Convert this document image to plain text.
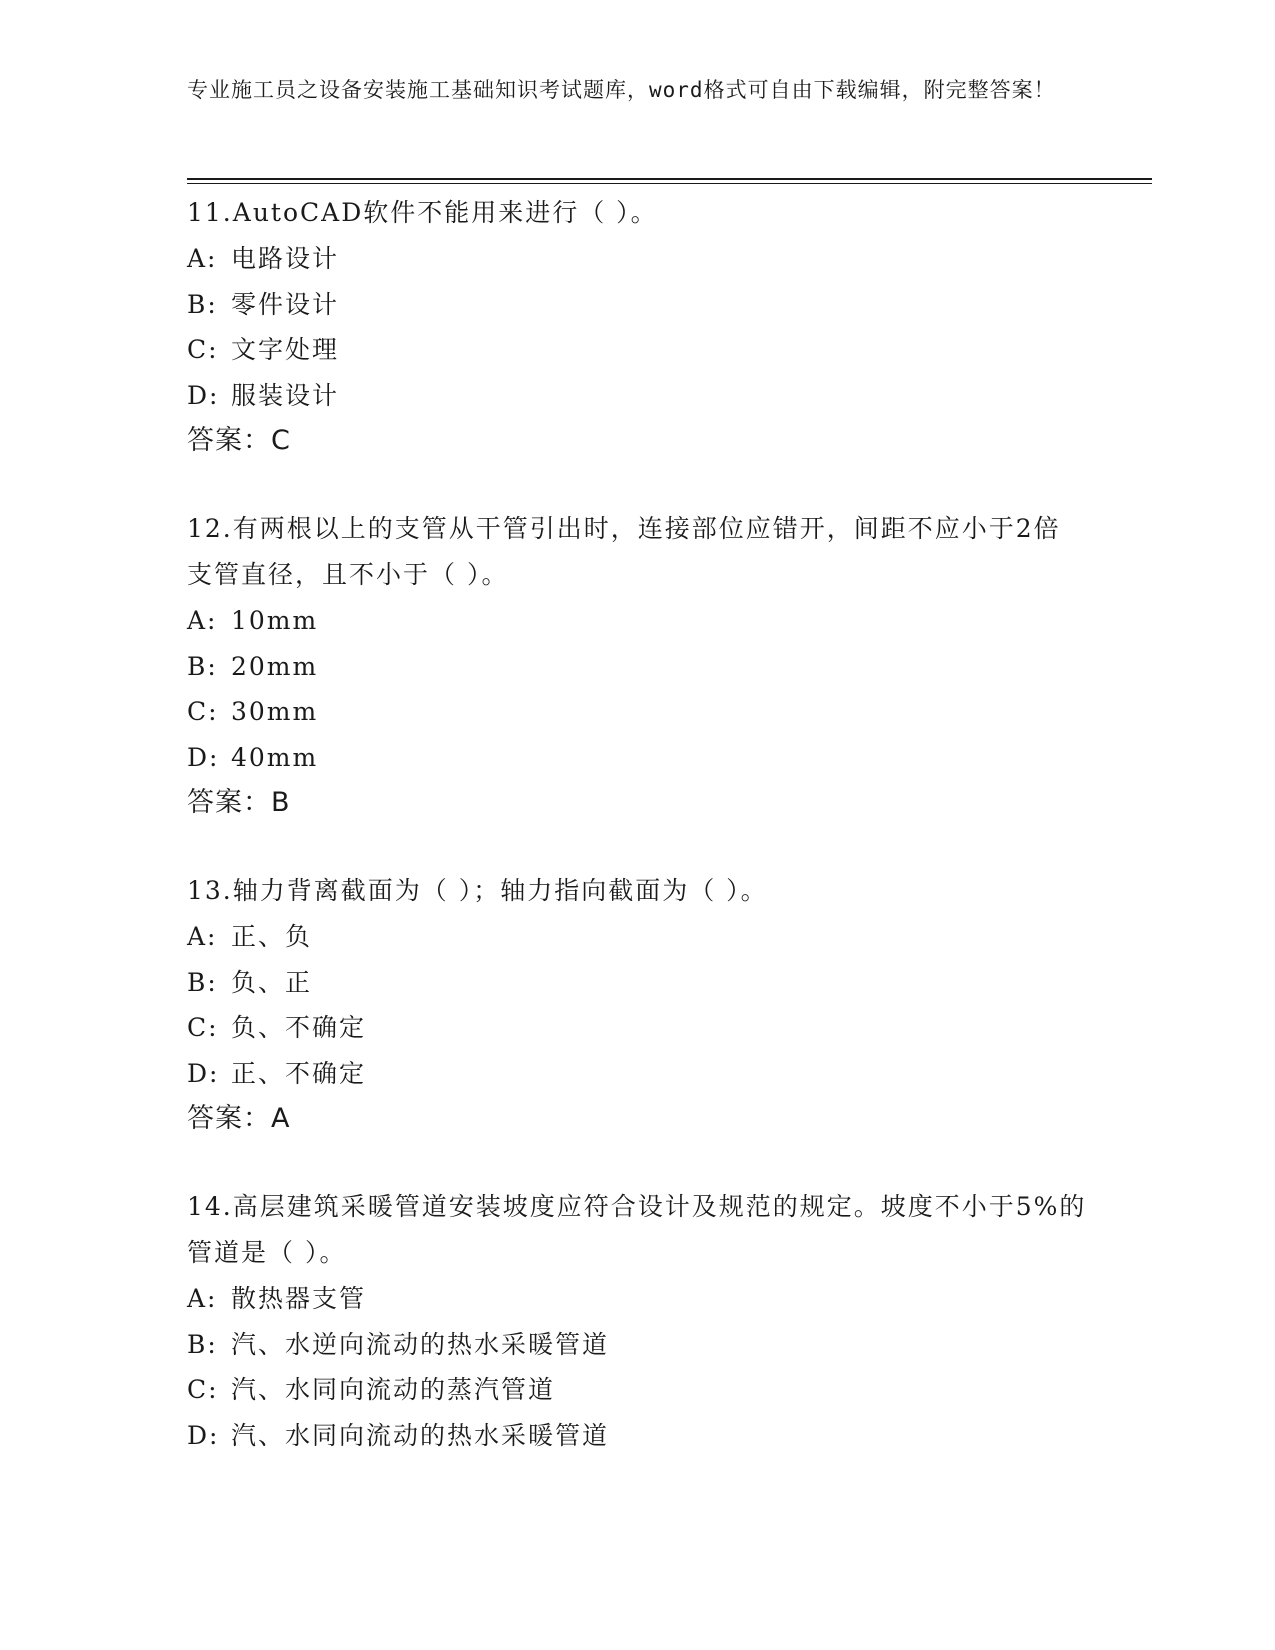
专业施工员之设备安装施工基础知识考试题库，word格式可自由下载编辑，附完整答案！

11.AutoCAD软件不能用来进行（ ）。

A: 电路设计
B: 零件设计
C: 文字处理
D: 服装设计
答案：C

12.有两根以上的支管从干管引出时，连接部位应错开，间距不应小于2倍支管直径，且不小于（ ）。

A: 10mm
B: 20mm
C: 30mm
D: 40mm
答案：B

13.轴力背离截面为（ ）；轴力指向截面为（ ）。

A: 正、负
B: 负、正
C: 负、不确定
D: 正、不确定
答案：A

14.高层建筑采暖管道安装坡度应符合设计及规范的规定。坡度不小于5%的管道是（ ）。

A: 散热器支管
B: 汽、水逆向流动的热水采暖管道
C: 汽、水同向流动的蒸汽管道
D: 汽、水同向流动的热水采暖管道
